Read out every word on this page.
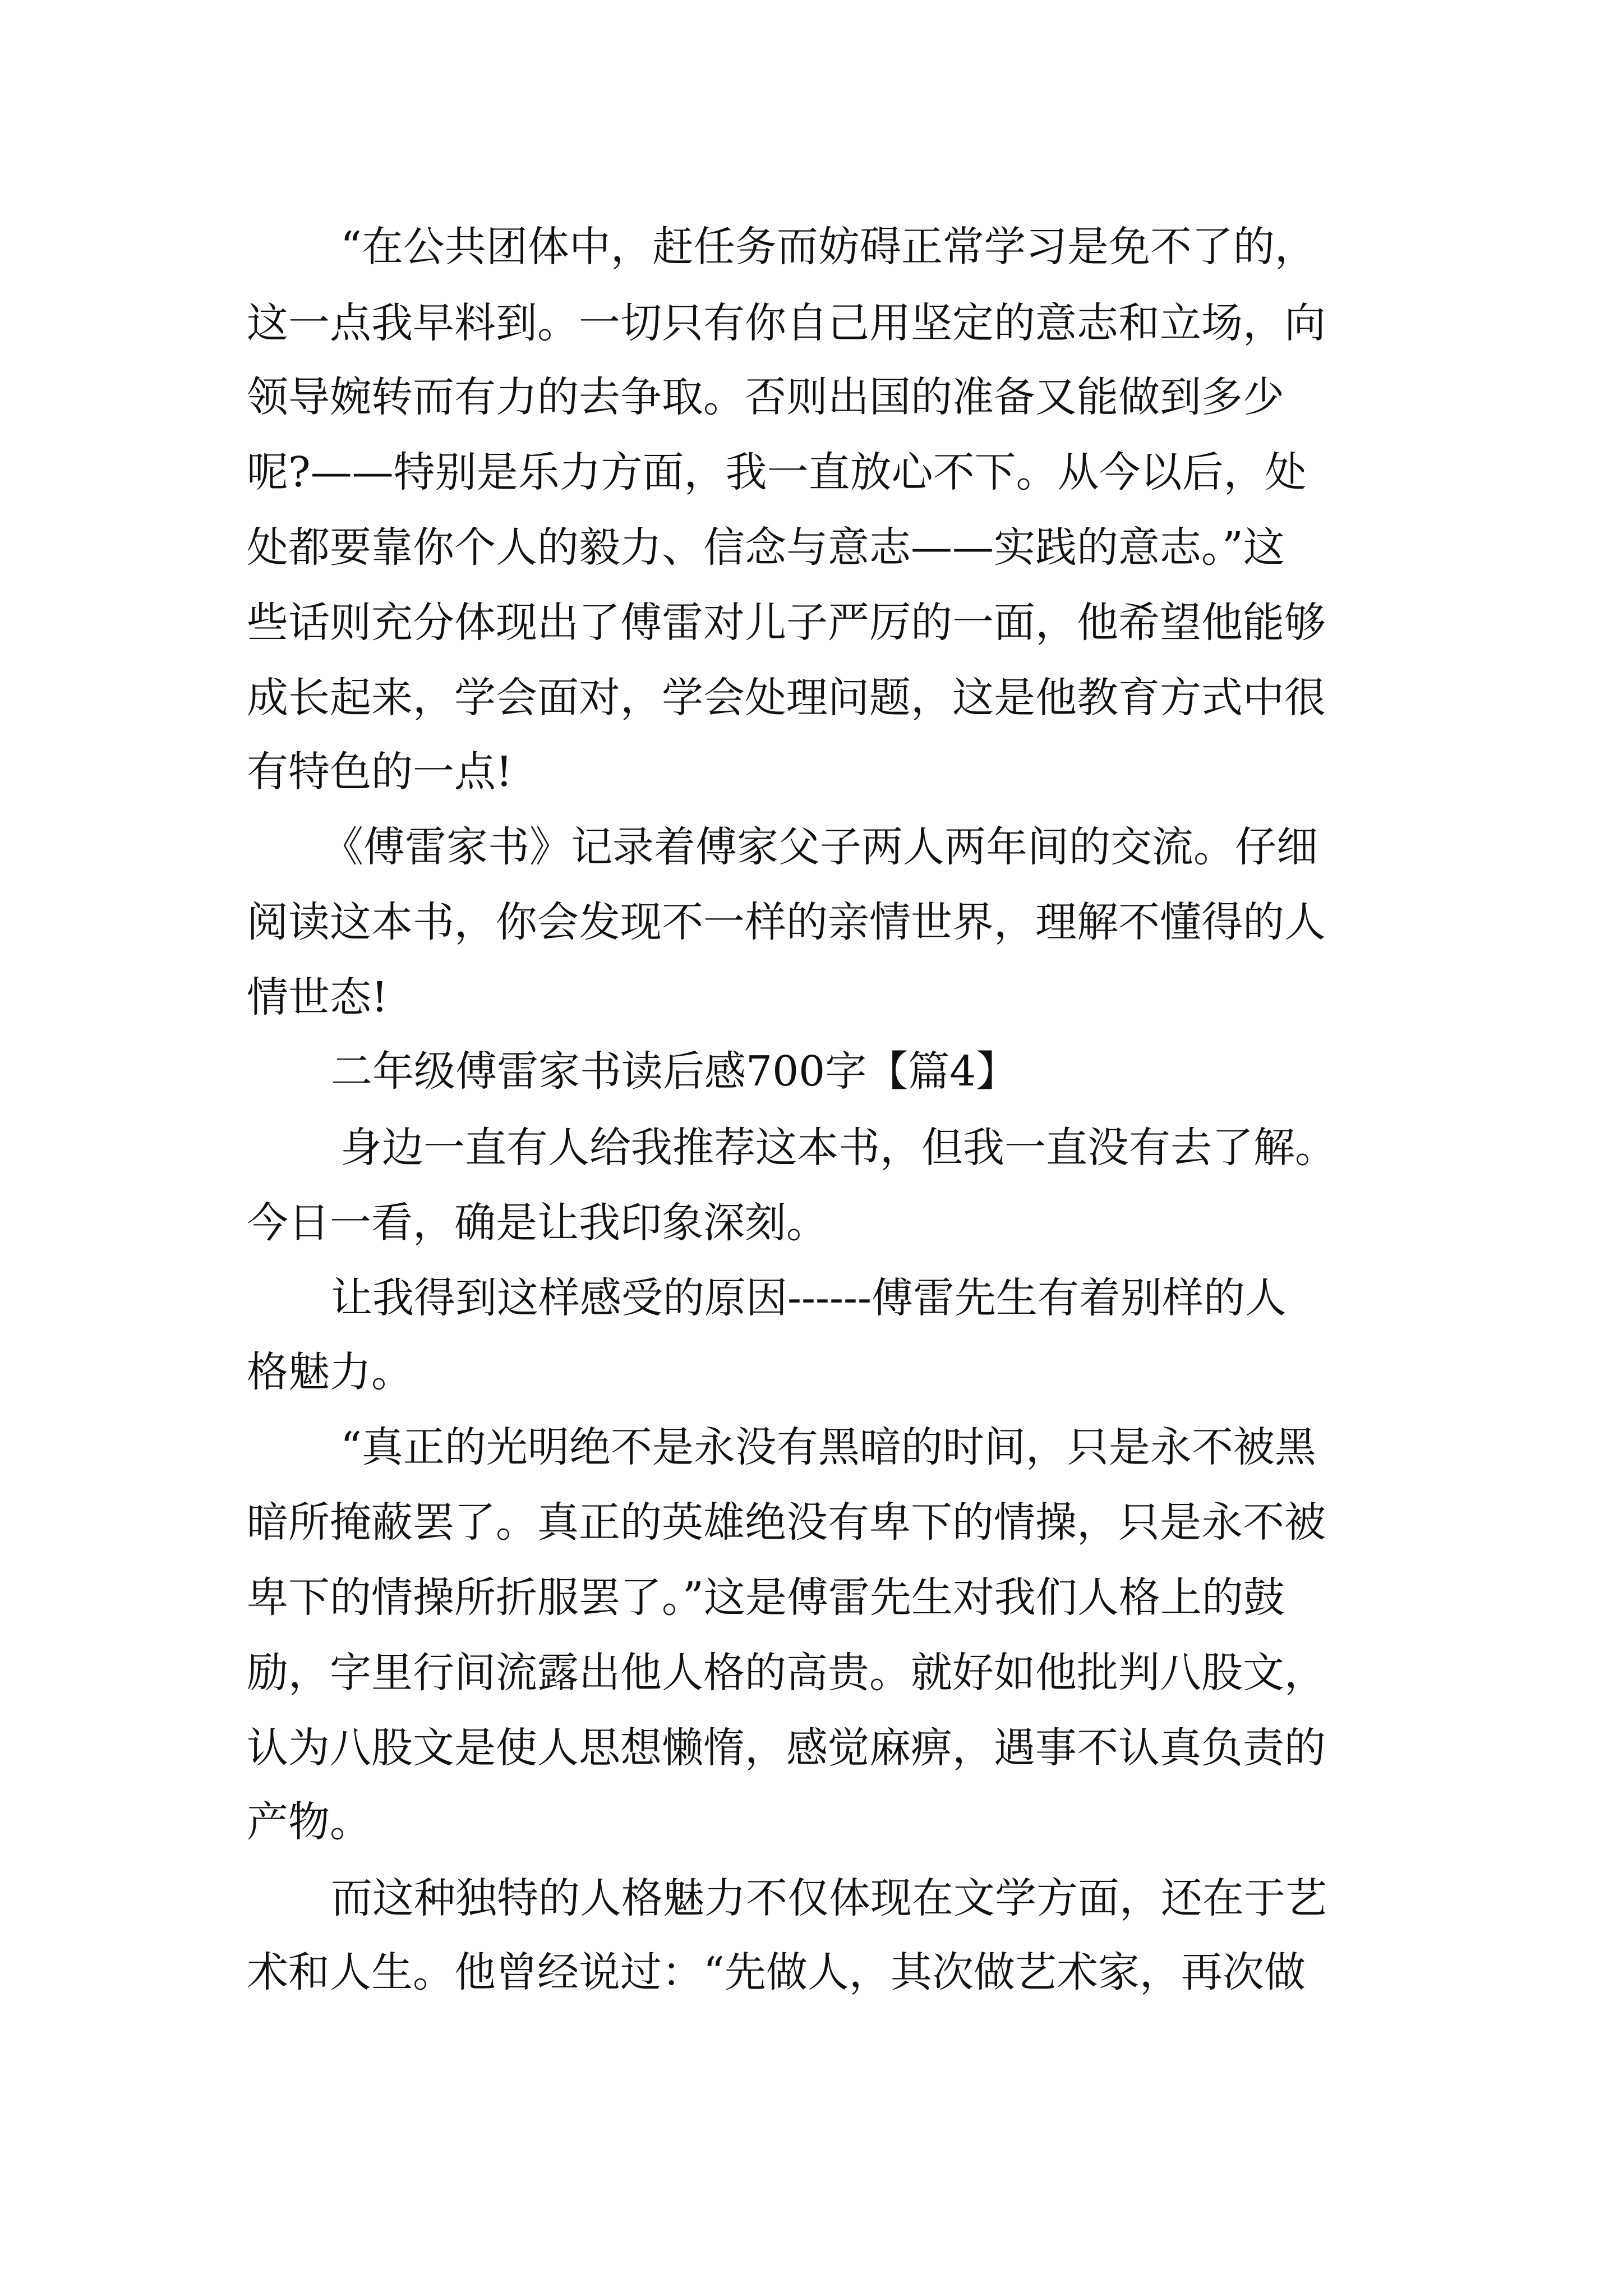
“在公共团体中，赶任务而妨碍正常学习是免不了的，
这一点我早料到。一切只有你自己用坚定的意志和立场，向
领导婉转而有力的去争取。否则出国的准备又能做到多少
呢?——特别是乐力方面，我一直放心不下。从今以后，处
处都要靠你个人的毅力、信念与意志——实践的意志。”这
些话则充分体现出了傅雷对儿子严厉的一面，他希望他能够
成长起来，学会面对，学会处理问题，这是他教育方式中很
有特色的一点!
《傅雷家书》记录着傅家父子两人两年间的交流。仔细
阅读这本书，你会发现不一样的亲情世界，理解不懂得的人
情世态!
二年级傅雷家书读后感700字【篇4】
身边一直有人给我推荐这本书，但我一直没有去了解。
今日一看，确是让我印象深刻。
让我得到这样感受的原因------傅雷先生有着别样的人
格魅力。
“真正的光明绝不是永没有黑暗的时间，只是永不被黑
暗所掩蔽罢了。真正的英雄绝没有卑下的情操，只是永不被
卑下的情操所折服罢了。”这是傅雷先生对我们人格上的鼓
励，字里行间流露出他人格的高贵。就好如他批判八股文，
认为八股文是使人思想懒惰，感觉麻痹，遇事不认真负责的
产物。
而这种独特的人格魅力不仅体现在文学方面，还在于艺
术和人生。他曾经说过：“先做人，其次做艺术家，再次做
